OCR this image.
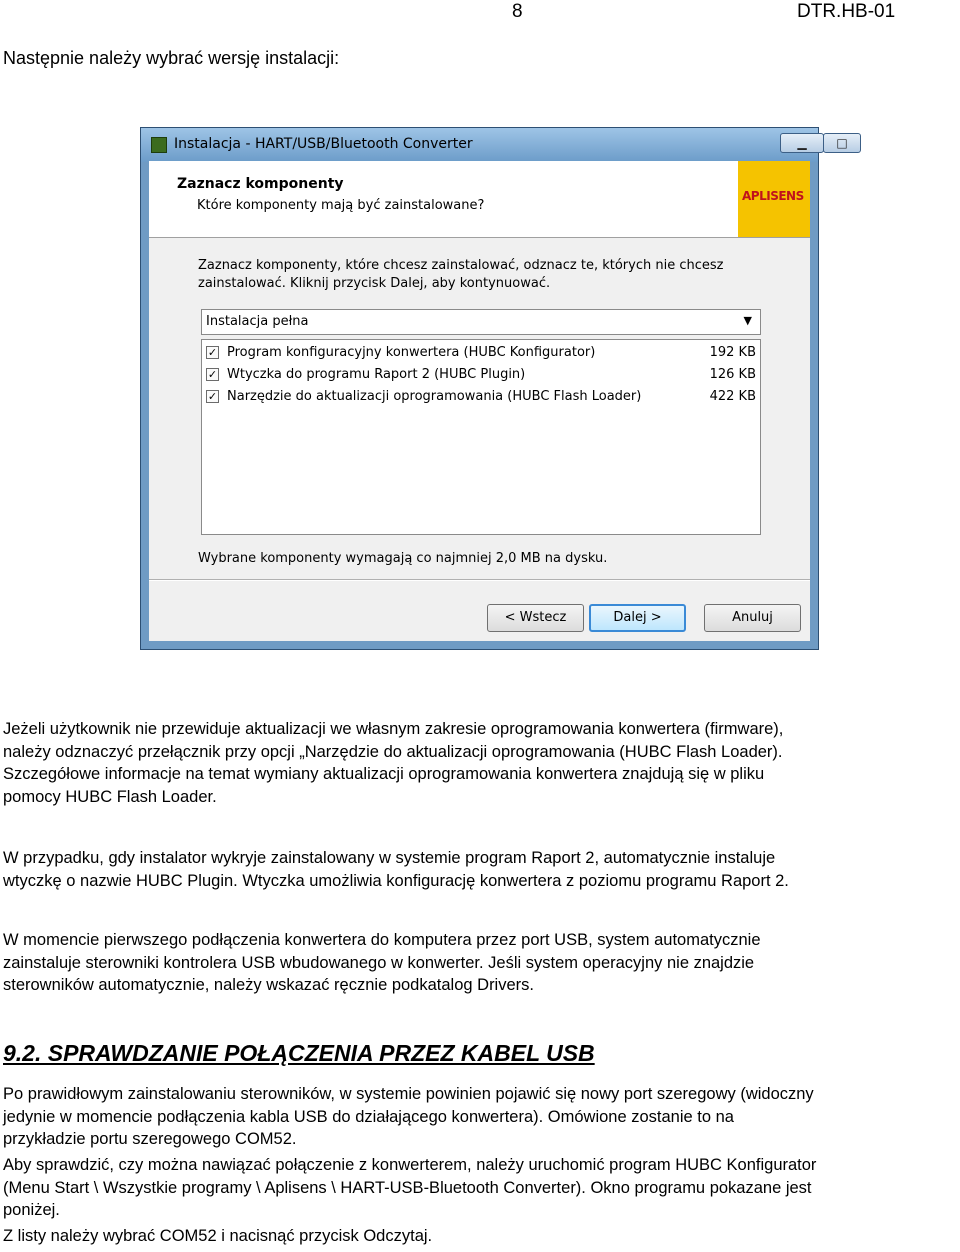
8	DTR.HB-01
Następnie należy wybrać wersję instalacji:
Instalacja - HART/USB/Bluetooth Converter	▁	□
Zaznacz komponenty
Które komponenty mają być zainstalowane?
APLISENS
Zaznacz komponenty, które chcesz zainstalować, odznacz te, których nie chcesz
zainstalować. Kliknij przycisk Dalej, aby kontynuować.
Instalacja pełna	▼
✓ Program konfiguracyjny konwertera (HUBC Konfigurator)	192 KB
✓ Wtyczka do programu Raport 2 (HUBC Plugin)	126 KB
✓ Narzędzie do aktualizacji oprogramowania (HUBC Flash Loader)	422 KB
Wybrane komponenty wymagają co najmniej 2,0 MB na dysku.
< Wstecz	Dalej >	Anuluj
Jeżeli użytkownik nie przewiduje aktualizacji we własnym zakresie oprogramowania konwertera (firmware),
należy odznaczyć przełącznik przy opcji „Narzędzie do aktualizacji oprogramowania (HUBC Flash Loader).
Szczegółowe informacje na temat wymiany aktualizacji oprogramowania konwertera znajdują się w pliku
pomocy HUBC Flash Loader.
W przypadku, gdy instalator wykryje zainstalowany w systemie program Raport 2, automatycznie instaluje
wtyczkę o nazwie HUBC Plugin. Wtyczka umożliwia konfigurację konwertera z poziomu programu Raport 2.
W momencie pierwszego podłączenia konwertera do komputera przez port USB, system automatycznie
zainstaluje sterowniki kontrolera USB wbudowanego w konwerter. Jeśli system operacyjny nie znajdzie
sterowników automatycznie, należy wskazać ręcznie podkatalog Drivers.
9.2. SPRAWDZANIE POŁĄCZENIA PRZEZ KABEL USB
Po prawidłowym zainstalowaniu sterowników, w systemie powinien pojawić się nowy port szeregowy (widoczny
jedynie w momencie podłączenia kabla USB do działającego konwertera). Omówione zostanie to na
przykładzie portu szeregowego COM52.
Aby sprawdzić, czy można nawiązać połączenie z konwerterem, należy uruchomić program HUBC Konfigurator
(Menu Start \ Wszystkie programy \ Aplisens \ HART-USB-Bluetooth Converter). Okno programu pokazane jest
poniżej.
Z listy należy wybrać COM52 i nacisnąć przycisk Odczytaj.
